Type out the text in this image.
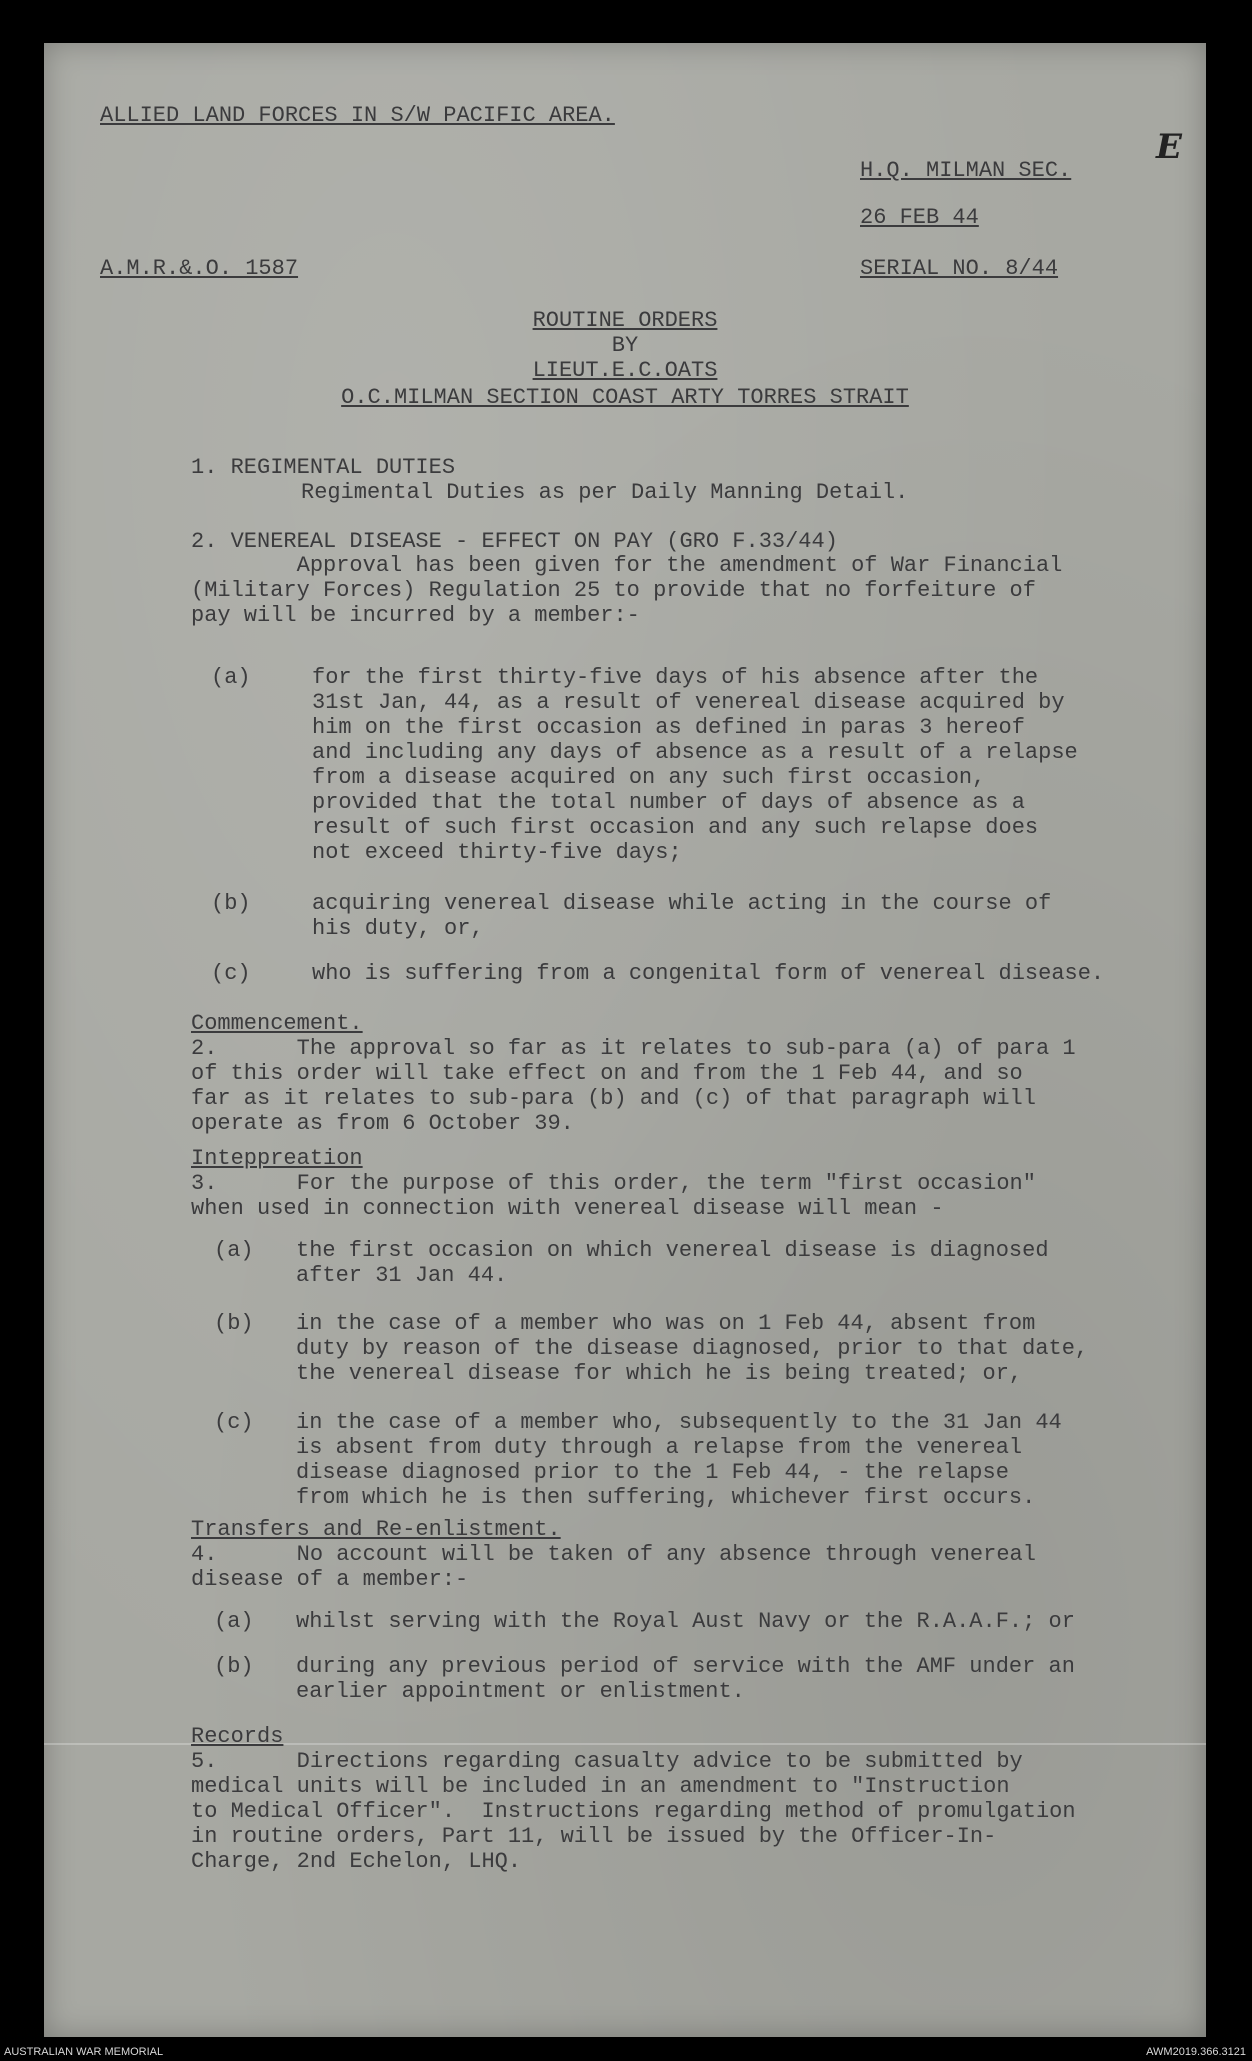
ALLIED LAND FORCES IN S/W PACIFIC AREA.
E
H.Q. MILMAN SEC.
26 FEB 44
A.M.R.&.O. 1587	SERIAL NO. 8/44
ROUTINE ORDERS
BY
LIEUT.E.C.OATS
O.C.MILMAN SECTION COAST ARTY TORRES STRAIT
1. REGIMENTAL DUTIES
Regimental Duties as per Daily Manning Detail.
2. VENEREAL DISEASE - EFFECT ON PAY (GRO F.33/44)
Approval has been given for the amendment of War Financial
(Military Forces) Regulation 25 to provide that no forfeiture of
pay will be incurred by a member:-
(a)	for the first thirty-five days of his absence after the
31st Jan, 44, as a result of venereal disease acquired by
him on the first occasion as defined in paras 3 hereof
and including any days of absence as a result of a relapse
from a disease acquired on any such first occasion,
provided that the total number of days of absence as a
result of such first occasion and any such relapse does
not exceed thirty-five days;
(b)	acquiring venereal disease while acting in the course of
his duty, or,
(c)	who is suffering from a congenital form of venereal disease.
Commencement.
2.      The approval so far as it relates to sub-para (a) of para 1
of this order will take effect on and from the 1 Feb 44, and so
far as it relates to sub-para (b) and (c) of that paragraph will
operate as from 6 October 39.
Intepprеation
3.      For the purpose of this order, the term "first occasion"
when used in connection with venereal disease will mean -
(a) the first occasion on which venereal disease is diagnosed
after 31 Jan 44.
(b) in the case of a member who was on 1 Feb 44, absent from
duty by reason of the disease diagnosed, prior to that date,
the venereal disease for which he is being treated; or,
(c) in the case of a member who, subsequently to the 31 Jan 44
is absent from duty through a relapse from the venereal
disease diagnosed prior to the 1 Feb 44, - the relapse
from which he is then suffering, whichever first occurs.
Transfers and Re-enlistment.
4.      No account will be taken of any absence through venereal
disease of a member:-
(a) whilst serving with the Royal Aust Navy or the R.A.A.F.; or
(b) during any previous period of service with the AMF under an
earlier appointment or enlistment.
Records
5.      Directions regarding casualty advice to be submitted by
medical units will be included in an amendment to "Instruction
to Medical Officer".  Instructions regarding method of promulgation
in routine orders, Part 11, will be issued by the Officer-In-
Charge, 2nd Echelon, LHQ.
AUSTRALIAN WAR MEMORIAL	AWM2019.366.3121
